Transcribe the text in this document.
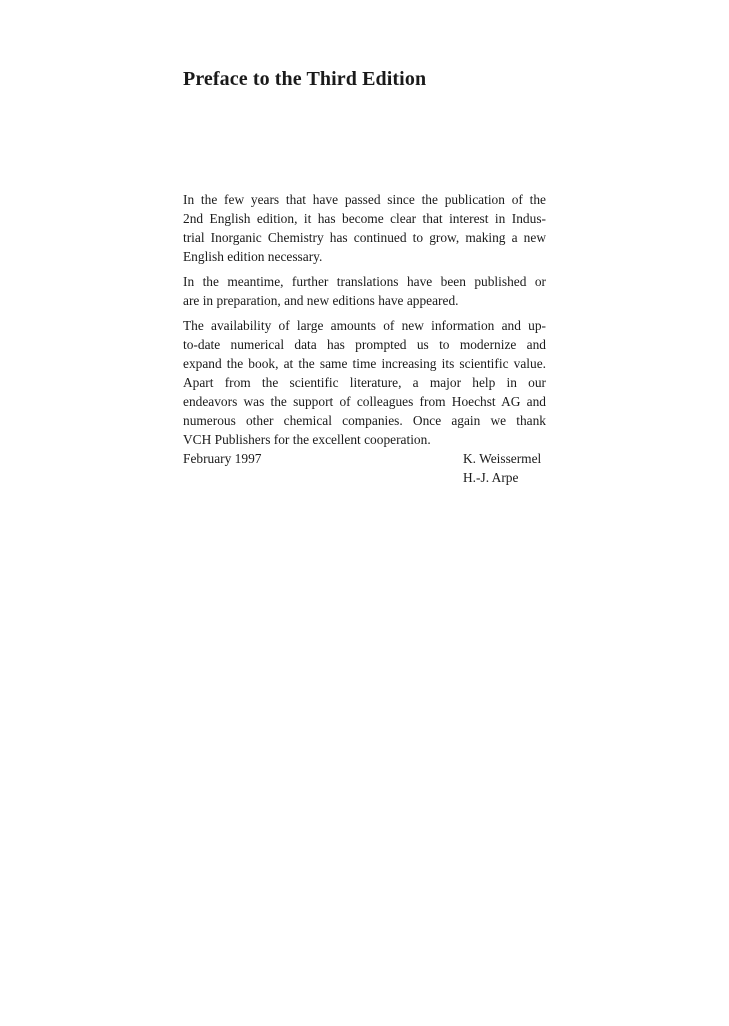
Preface to the Third Edition

In the few years that have passed since the publication of the
2nd English edition, it has become clear that interest in Indus-
trial Inorganic Chemistry has continued to grow, making a new
English edition necessary.

In the meantime, further translations have been published or
are in preparation, and new editions have appeared.

The availability of large amounts of new information and up-
to-date numerical data has prompted us to modernize and
expand the book, at the same time increasing its scientific value.
Apart from the scientific literature, a major help in our
endeavors was the support of colleagues from Hoechst AG and
numerous other chemical companies. Once again we thank
VCH Publishers for the excellent cooperation.

February 1997	K. Weissermel
H.-J. Arpe
